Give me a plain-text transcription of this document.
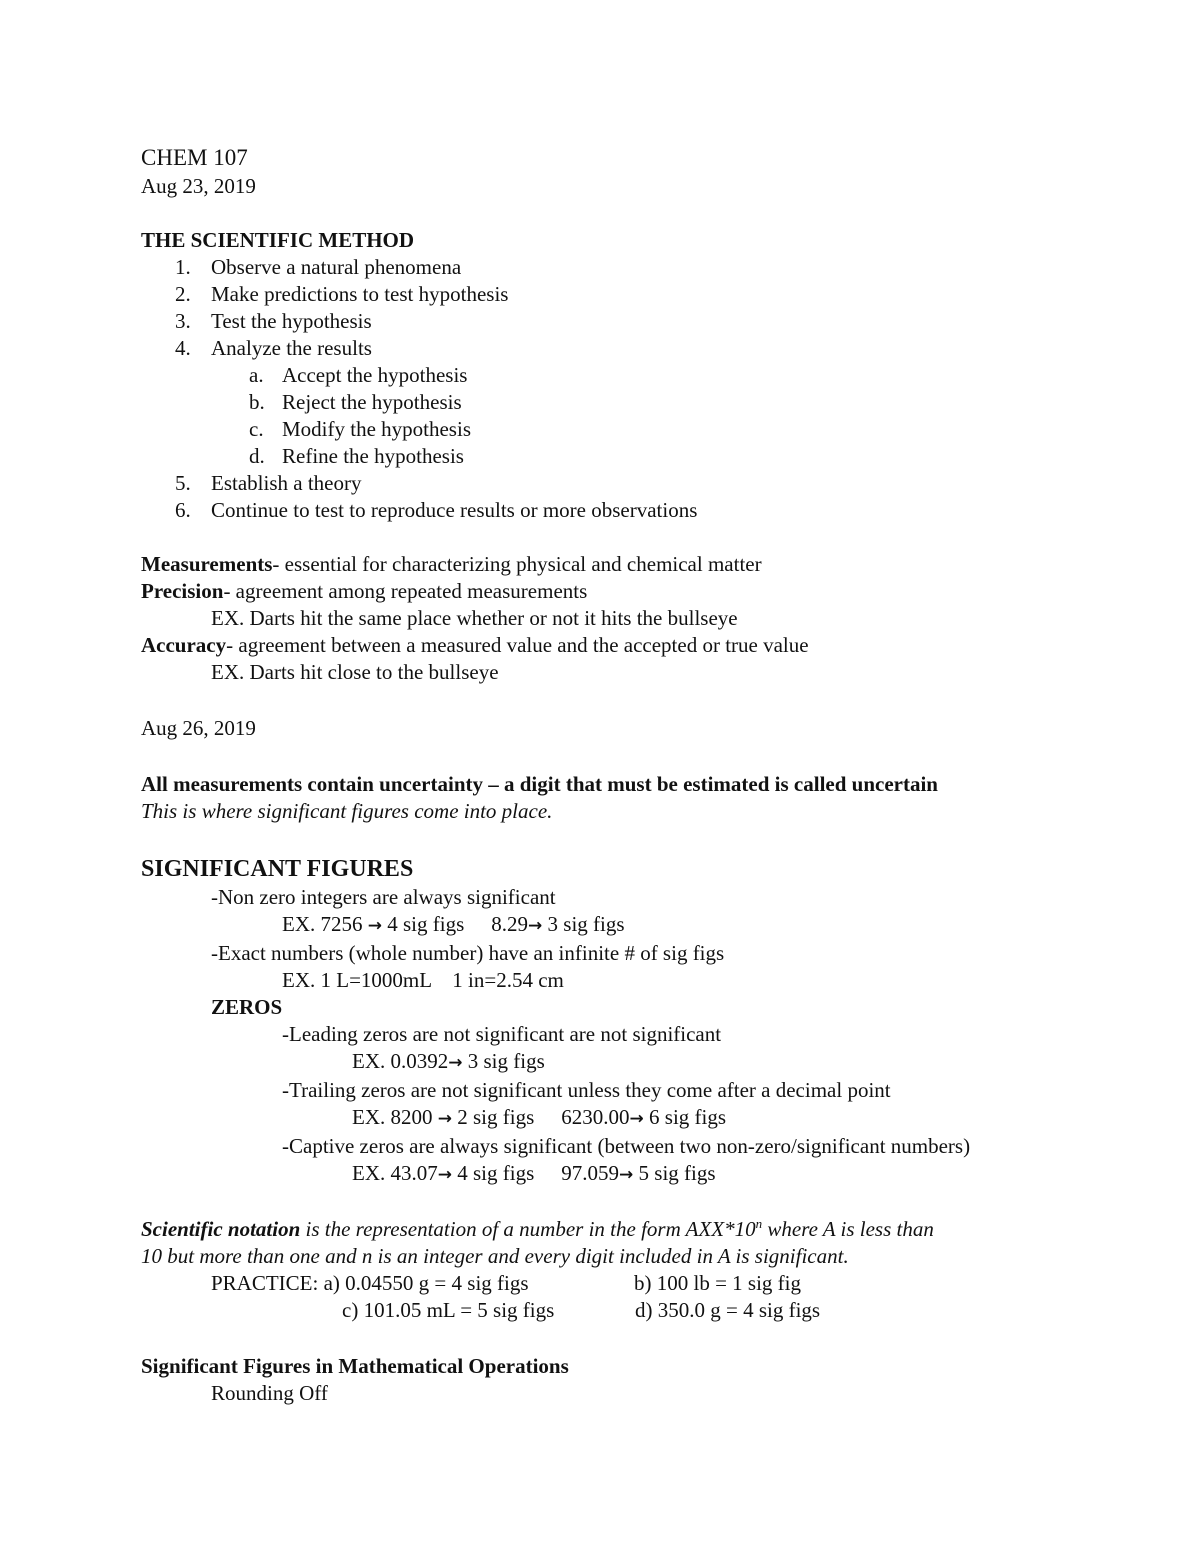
CHEM 107

Aug 23, 2019

THE SCIENTIFIC METHOD

1. Observe a natural phenomena
2. Make predictions to test hypothesis
3. Test the hypothesis
4. Analyze the results
a. Accept the hypothesis
b. Reject the hypothesis
c. Modify the hypothesis
d. Refine the hypothesis
5. Establish a theory
6. Continue to test to reproduce results or more observations

Measurements- essential for characterizing physical and chemical matter

Precision- agreement among repeated measurements

EX. Darts hit the same place whether or not it hits the bullseye

Accuracy- agreement between a measured value and the accepted or true value

EX. Darts hit close to the bullseye

Aug 26, 2019

All measurements contain uncertainty – a digit that must be estimated is called uncertain

This is where significant figures come into place.

SIGNIFICANT FIGURES

-Non zero integers are always significant

EX. 7256 → 4 sig figs 8.29→ 3 sig figs

-Exact numbers (whole number) have an infinite # of sig figs

EX. 1 L=1000mL    1 in=2.54 cm

ZEROS

-Leading zeros are not significant are not significant

EX. 0.0392→ 3 sig figs

-Trailing zeros are not significant unless they come after a decimal point

EX. 8200 → 2 sig figs 6230.00→ 6 sig figs

-Captive zeros are always significant (between two non-zero/significant numbers)

EX. 43.07→ 4 sig figs 97.059→ 5 sig figs

Scientific notation is the representation of a number in the form AXX*10$^n$ where A is less than

10 but more than one and n is an integer and every digit included in A is significant.

PRACTICE: a) 0.04550 g = 4 sig figs	b) 100 lb = 1 sig fig

c) 101.05 mL = 5 sig figs	d) 350.0 g = 4 sig figs

Significant Figures in Mathematical Operations

Rounding Off
